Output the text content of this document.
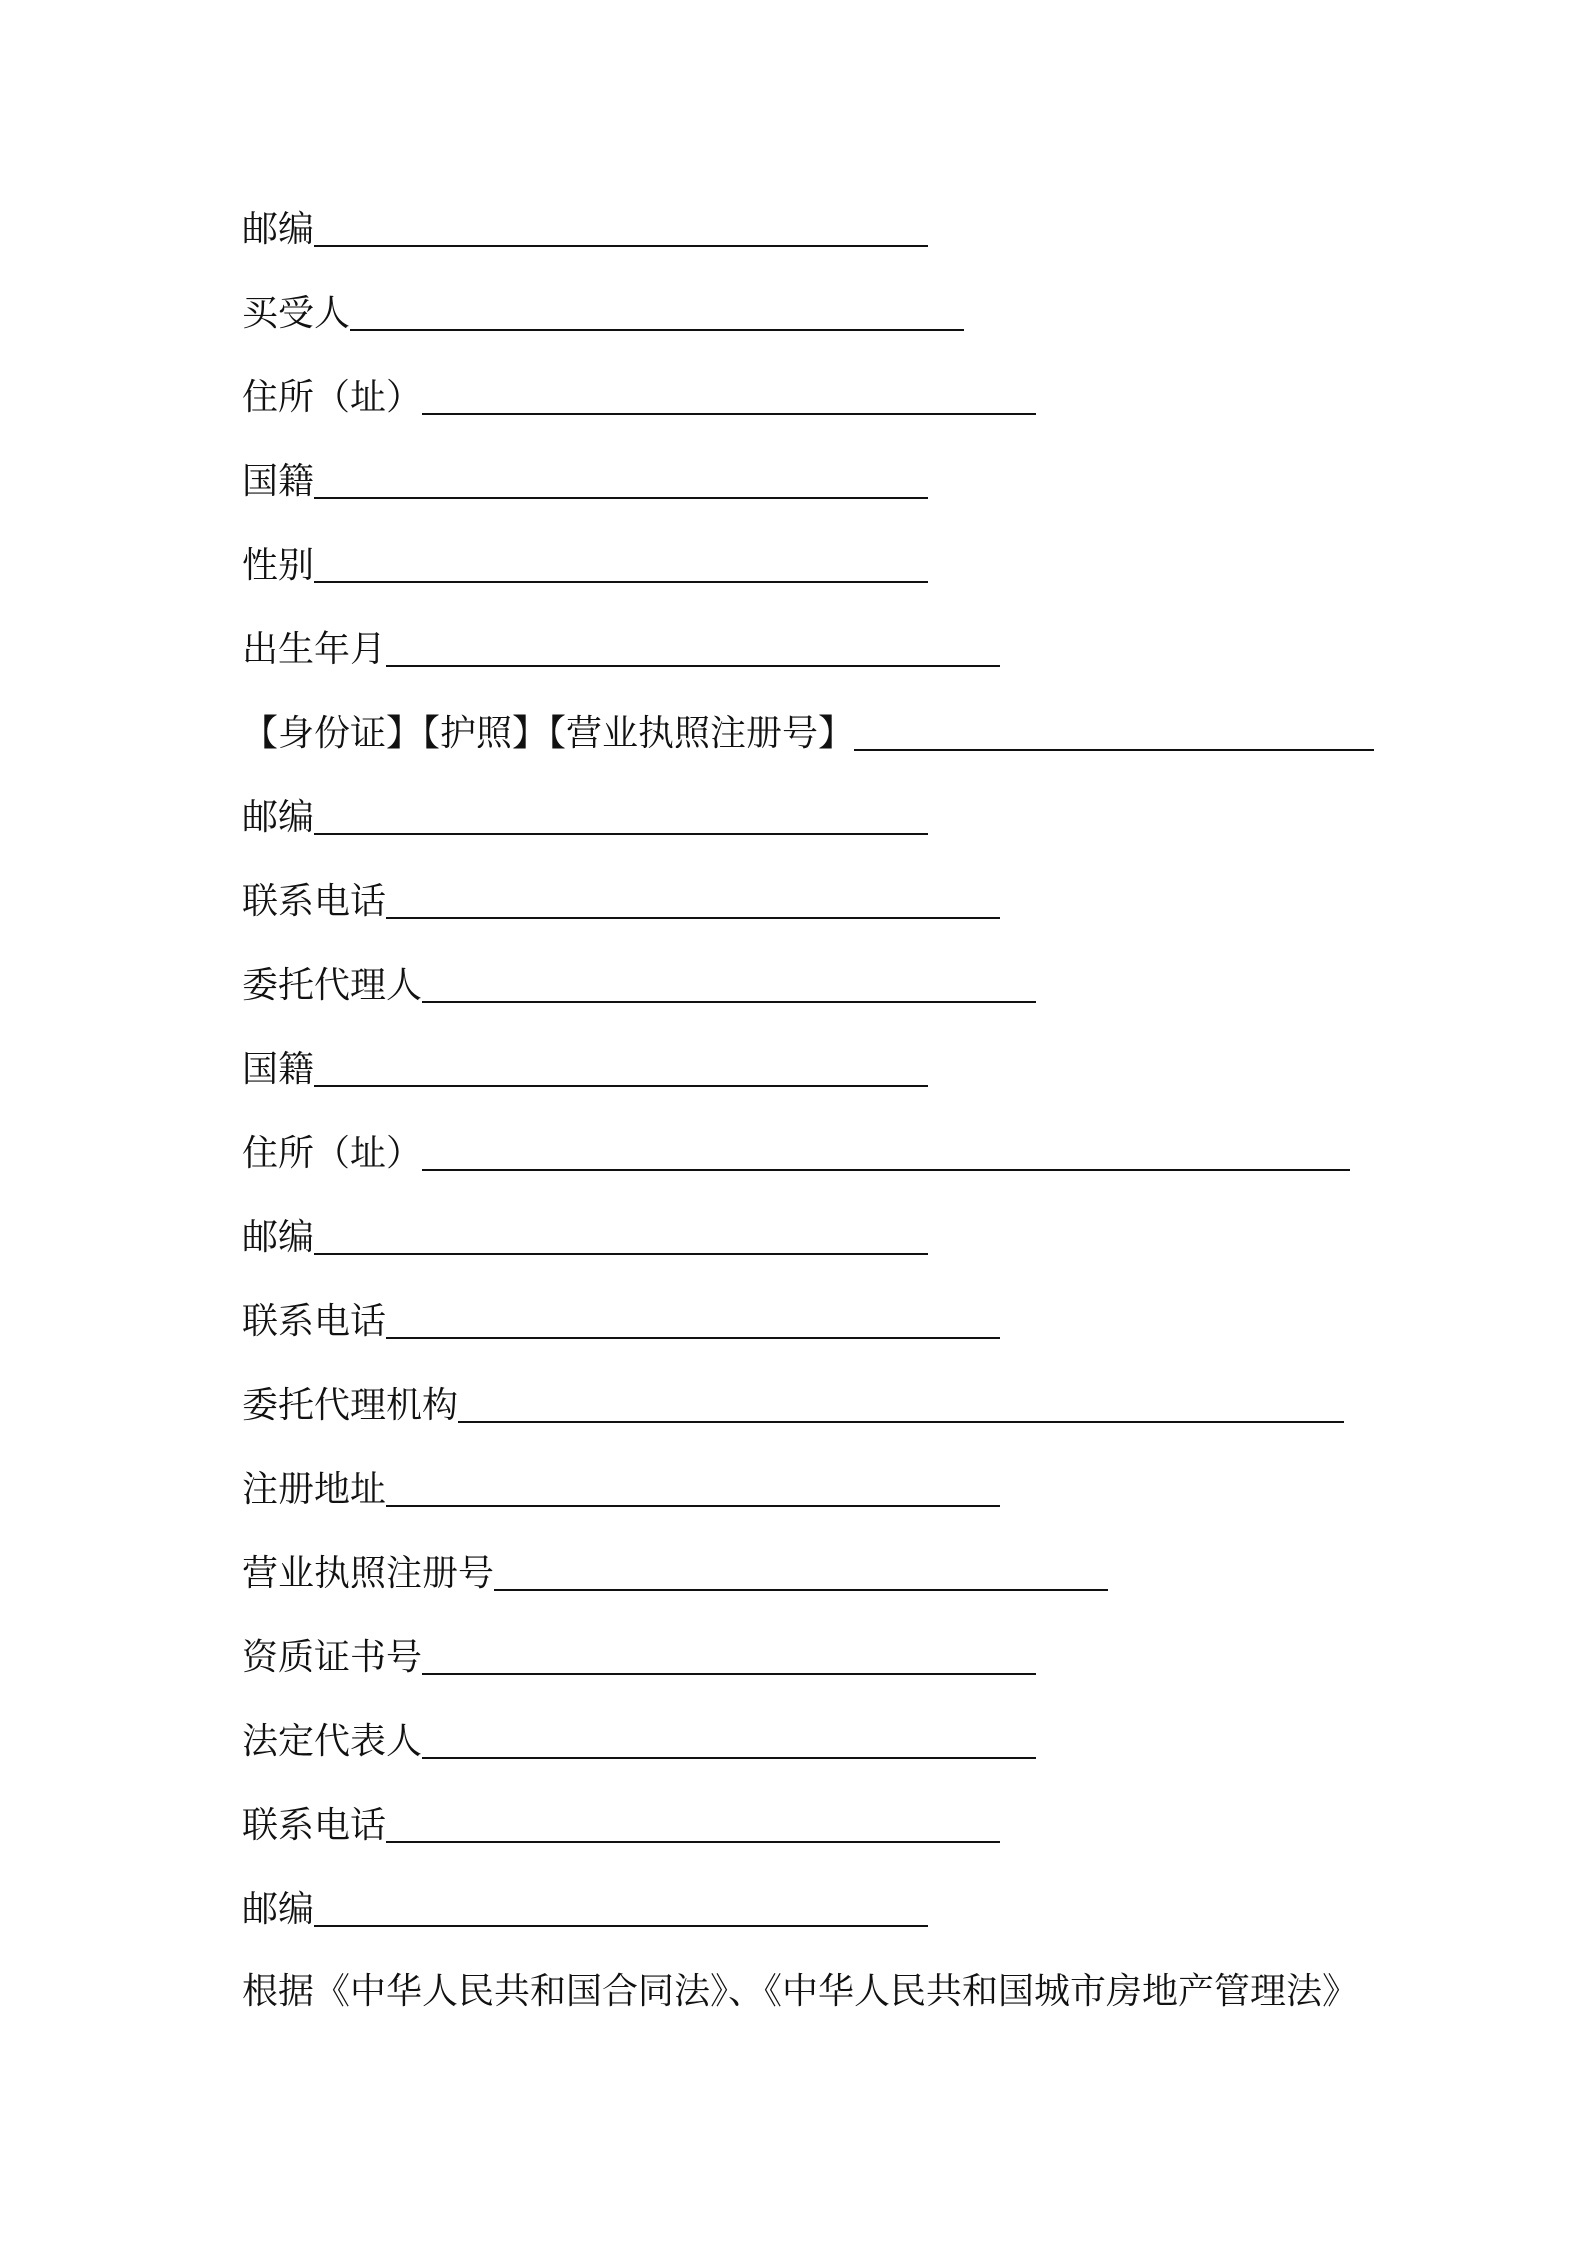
邮编
买受人
住所（址）
国籍
性别
出生年月
【身份证】【护照】【营业执照注册号】
邮编
联系电话
委托代理人
国籍
住所（址）
邮编
联系电话
委托代理机构
注册地址
营业执照注册号
资质证书号
法定代表人
联系电话
邮编
根据《中华人民共和国合同法》、《中华人民共和国城市房地产管理法》
